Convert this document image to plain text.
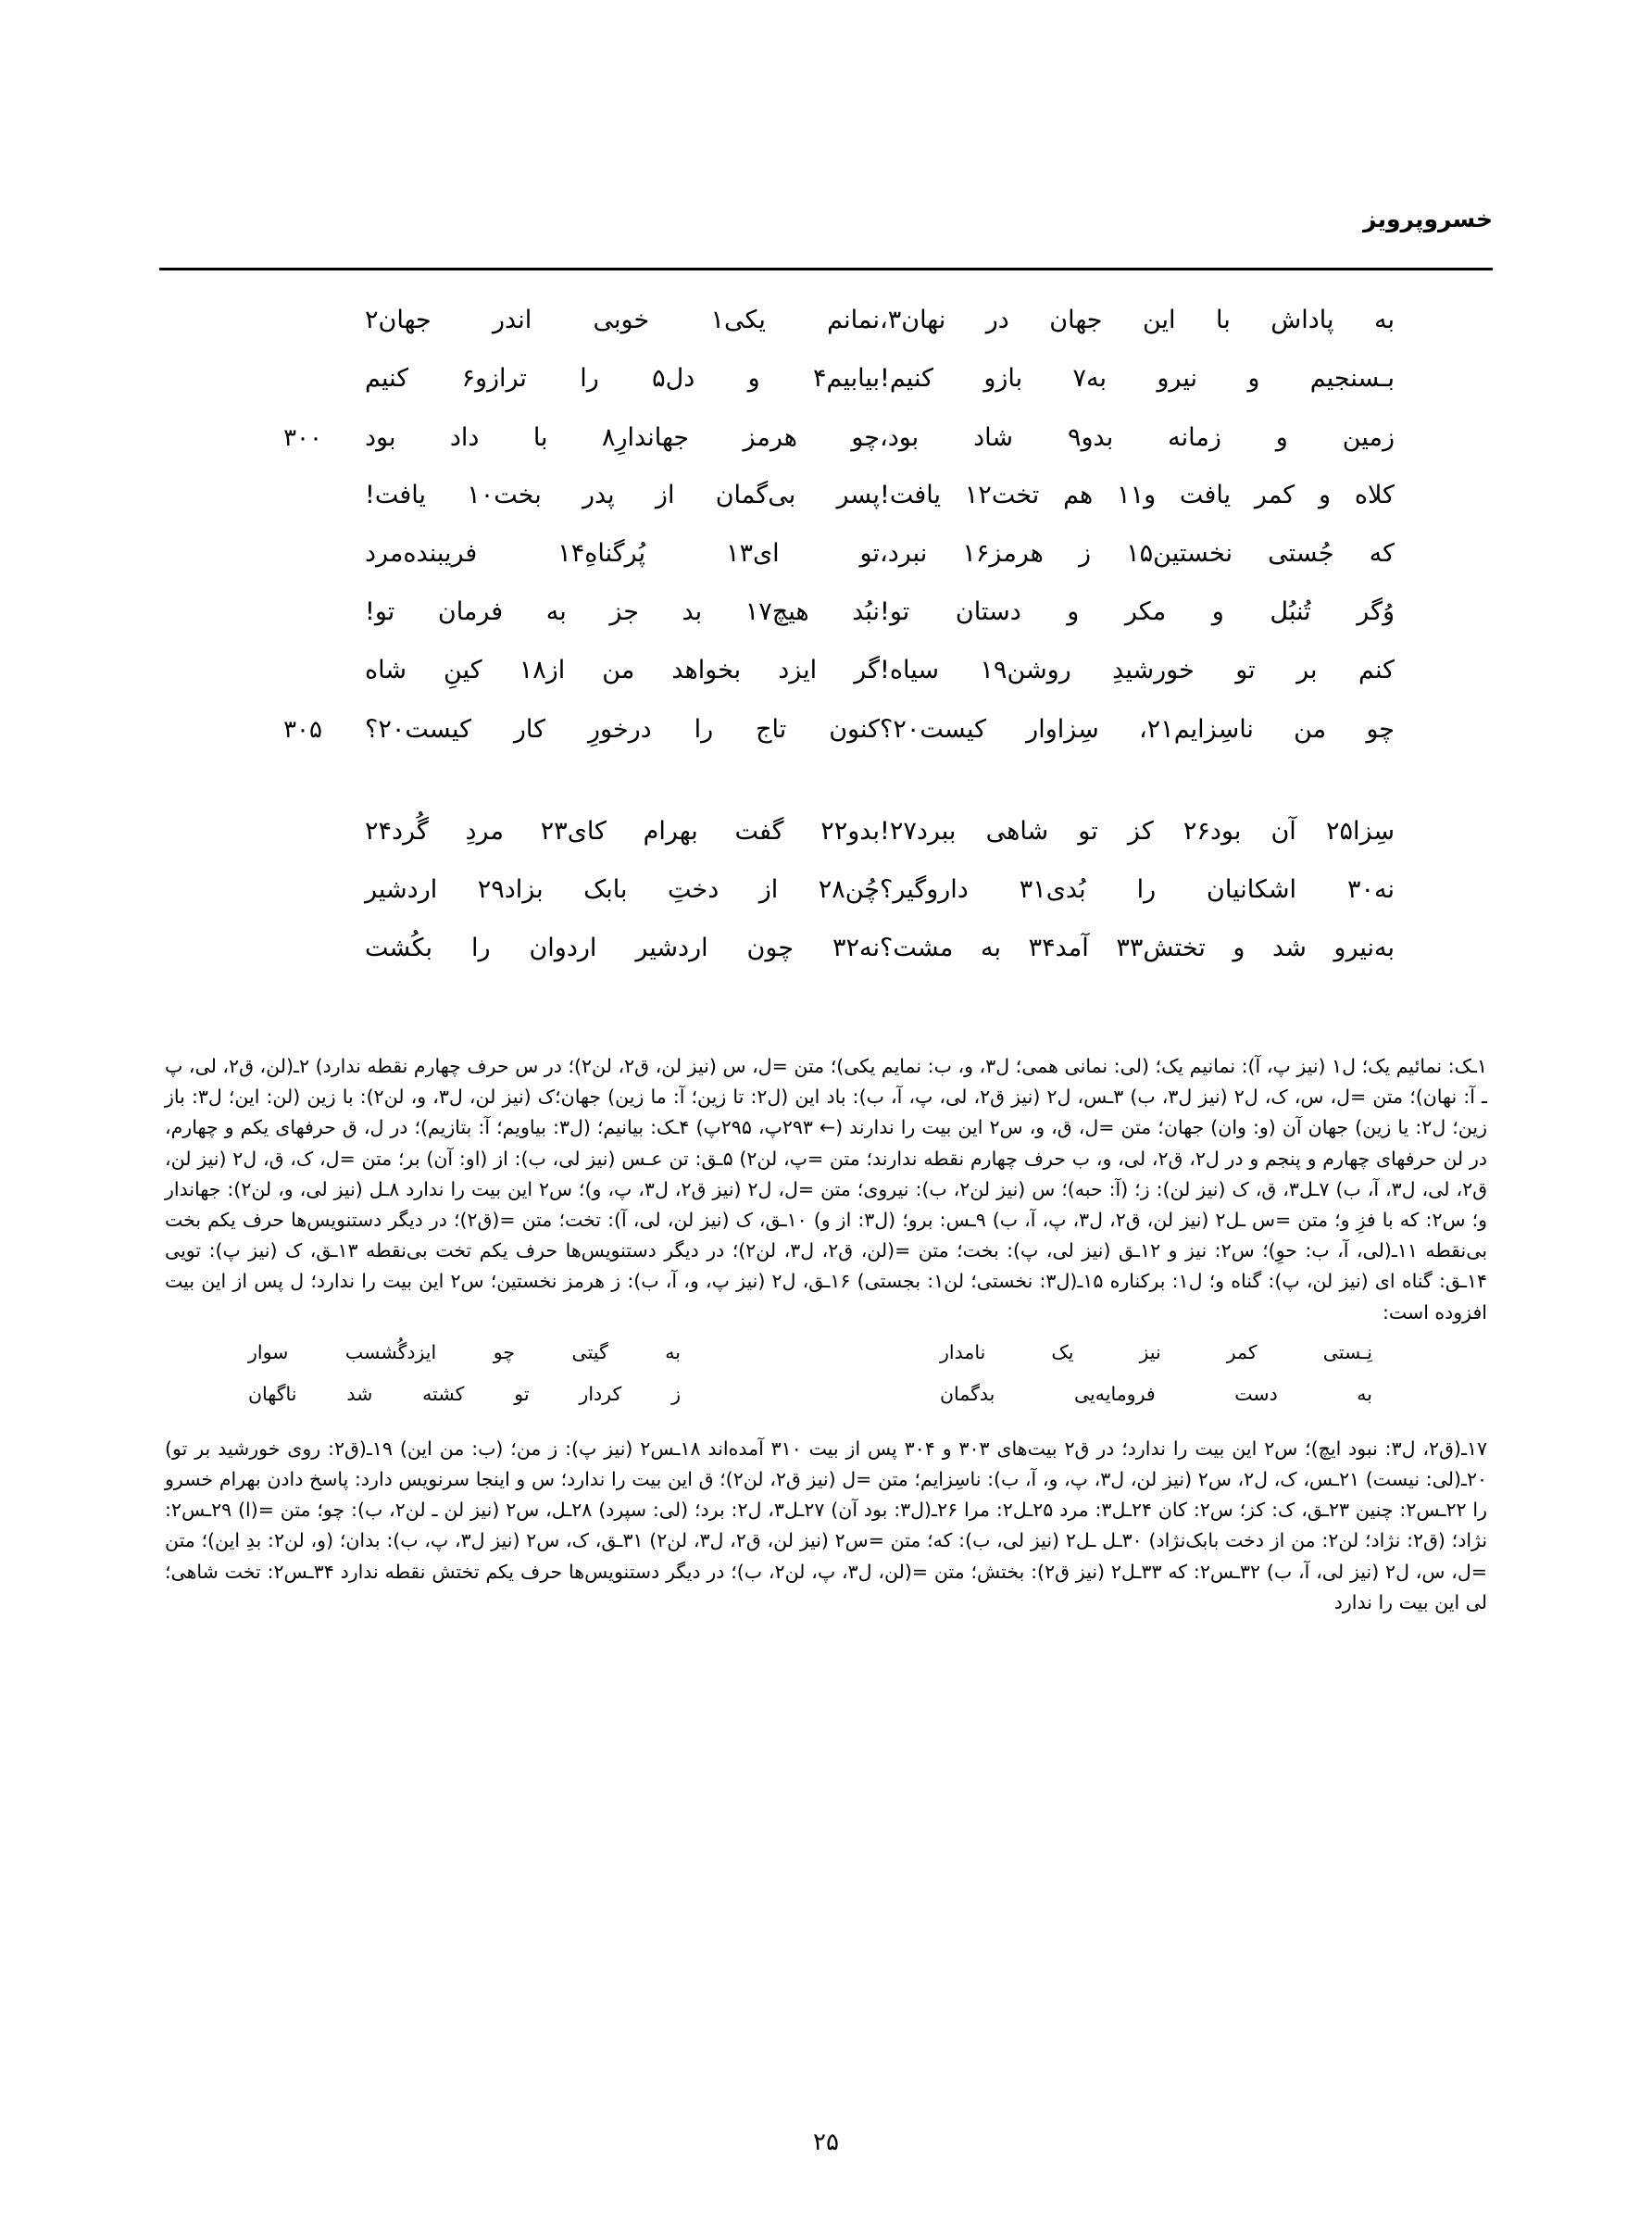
خسروپرویز
به پاداش با این جهان در نهان٣،
نمانم یکی١ خوبی اندر جهان٢
بـسنجیم و نیرو به٧ بازو کنیم!
بیابیم۴ و دل۵ را ترازو۶ کنیم
زمین و زمانه بدو٩ شاد بود،
چو هرمز جهاندارِ٨ با داد بود
٣٠٠
کلاه و کمر یافت و١١ هم تخت١٢ یافت!
پسر بی‌گمان از پدر بخت١٠ یافت!
که جُستی نخستین١۵ ز هرمز١۶ نبرد،
تو ای١٣ پُرگناهِ١۴ فریبنده‌مرد
وُگر تُنبُل و مکر و دستان تو!
نبُد هیچ١٧ بد جز به فرمان تو!
کنم بر تو خورشیدِ روشن١٩ سیاه!
گر ایزد بخواهد من از١٨ کینِ شاه
چو من ناسِزایم٢١، سِزاوار کیست٢٠؟
کنون تاج را درخورِ کار کیست٢٠؟
٣٠۵
سِزا٢۵ آن بود٢۶ کز تو شاهی ببرد٢٧!
بدو٢٢ گفت بهرام کای٢٣ مردِ گُرد٢۴
نه٣٠ اشکانیان را بُدی٣١ داروگیر؟
چُن٢٨ از دختِ بابک بزاد٢٩ اردشیر
به‌نیرو شد و تختش٣٣ آمد٣۴ به مشت؟
نه٣٢ چون اردشیر اردوان را بکُشت

١ـک: نمائیم یک؛ ل١ (نیز پ، آ): نمانیم یک؛ (لی: نمانی همی؛ ل٣، و، ب: نمایم یکی)؛ متن =ل، س (نیز لن، ق٢، لن٢)؛ در س حرف چهارم نقطه ندارد) ٢ـ(لن، ق٢، لی، پ ـ آ: نهان)؛ متن =ل، س، ک، ل٢ (نیز ل٣، ب) ٣ـس، ل٢ (نیز ق٢، لی، پ، آ، ب): باد این (ل٢: تا زین؛ آ: ما زین) جهان؛ک (نیز لن، ل٣، و، لن٢): با زین (لن: این؛ ل٣: باز زین؛ ل٢: یا زین) جهان آن (و: وان) جهان؛ متن =ل، ق، و، س٢ این بیت را ندارند (← ٢٩٣پ، ٢٩۵پ) ۴ـک: بیانیم؛ (ل٣: بیاویم؛ آ: بتازیم)؛ در ل، ق حرفهای یکم و چهارم، در لن حرفهای چهارم و پنجم و در ل٢، ق٢، لی، و، ب حرف چهارم نقطه ندارند؛ متن =پ، لن٢) ۵ـق: تن عـس (نیز لی، ب): از (او: آن) بر؛ متن =ل، ک، ق، ل٢ (نیز لن، ق٢، لی، ل٣، آ، ب) ٧ـل٣، ق، ک (نیز لن): ز؛ (آ: حبه)؛ س (نیز لن٢، ب): نیروی؛ متن =ل، ل٢ (نیز ق٢، ل٣، پ، و)؛ س٢ این بیت را ندارد ٨ـل (نیز لی، و، لن٢): جهاندار و؛ س٢: که با فزِ و؛ متن =س ـل٢ (نیز لن، ق٢، ل٣، پ، آ، ب) ٩ـس: برو؛ (ل٣: از و) ١٠ـق، ک (نیز لن، لی، آ): تخت؛ متن =(ق٢)؛ در دیگر دستنویس‌ها حرف یکم بخت بی‌نقطه ١١ـ(لی، آ، ب: حوِ)؛ س٢: نیز و ١٢ـق (نیز لی، پ): بخت؛ متن =(لن، ق٢، ل٣، لن٢)؛ در دیگر دستنویس‌ها حرف یکم تخت بی‌نقطه ١٣ـق، ک (نیز پ): تویی ١۴ـق: گناه ای (نیز لن، پ): گناه و؛ ل١: برکناره ١۵ـ(ل٣: نخستی؛ لن١: بجستی) ١۶ـق، ل٢ (نیز پ، و، آ، ب): ز هرمز نخستین؛ س٢ این بیت را ندارد؛ ل پس از این بیت افزوده است:

نِـستی کمر نیز یک نامدار
به گیتی چو ایزدگُشسب سوار
به دست فرومایه‌یی بدگمان
ز کردار تو کشته شد ناگهان

١٧ـ(ق٢، ل٣: نبود ایچ)؛ س٢ این بیت را ندارد؛ در ق٢ بیت‌های ٣٠٣ و ٣٠۴ پس از بیت ٣١٠ آمده‌اند ١٨ـس٢ (نیز پ): ز من؛ (ب: من این) ١٩ـ(ق٢: روی خورشید بر تو) ٢٠ـ(لی: نیست) ٢١ـس، ک، ل٢، س٢ (نیز لن، ل٣، پ، و، آ، ب): ناسِزایم؛ متن =ل (نیز ق٢، لن٢)؛ ق این بیت را ندارد؛ س و اینجا سرنویس دارد: پاسخ دادن بهرام خسرو را ٢٢ـس٢: چنین ٢٣ـق، ک: کز؛ س٢: کان ٢۴ـل٣: مرد ٢۵ـل٢: مرا ٢۶ـ(ل٣: بود آن) ٢٧ـل٣، ل٢: برد؛ (لی: سپرد) ٢٨ـل، س٢ (نیز لن ـ لن٢، ب): چو؛ متن =(ا) ٢٩ـس٢: نژاد؛ (ق٢: نژاد؛ لن٢: من از دخت بابک‌نژاد) ٣٠ـل ـل٢ (نیز لی، ب): که؛ متن =س٢ (نیز لن، ق٢، ل٣، لن٢) ٣١ـق، ک، س٢ (نیز ل٣، پ، ب): بدان؛ (و، لن٢: بدِ این)؛ متن =ل، س، ل٢ (نیز لی، آ، ب) ٣٢ـس٢: که ٣٣ـل٢ (نیز ق٢): بختش؛ متن =(لن، ل٣، پ، لن٢، ب)؛ در دیگر دستنویس‌ها حرف یکم تختش نقطه ندارد ٣۴ـس٢: تخت شاهی؛ لی این بیت را ندارد

۲۵
